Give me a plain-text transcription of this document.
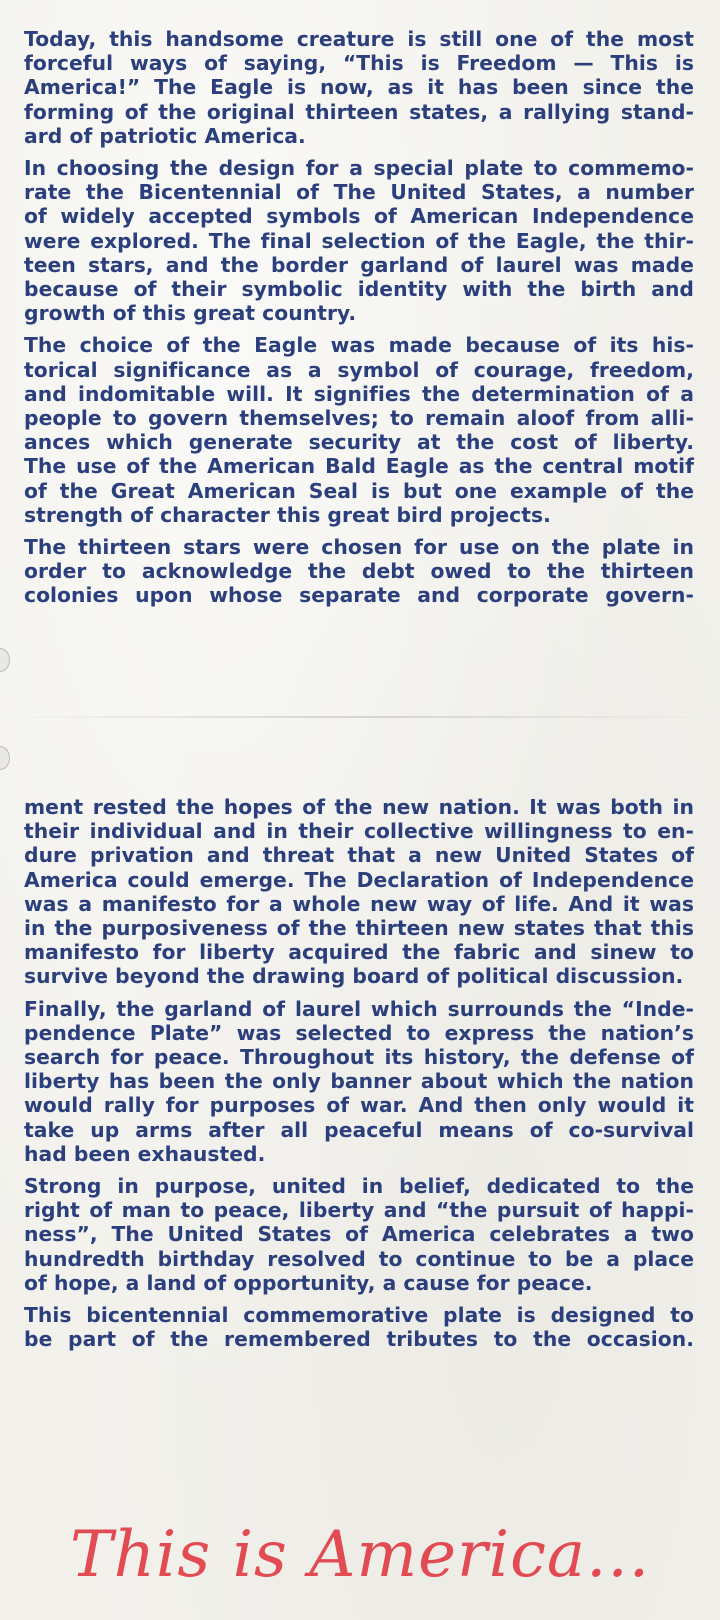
Today, this handsome creature is still one of the most
forceful ways of saying, “This is Freedom — This is
America!” The Eagle is now, as it has been since the
forming of the original thirteen states, a rallying stand-
ard of patriotic America.
In choosing the design for a special plate to commemo-
rate the Bicentennial of The United States, a number
of widely accepted symbols of American Independence
were explored. The final selection of the Eagle, the thir-
teen stars, and the border garland of laurel was made
because of their symbolic identity with the birth and
growth of this great country.
The choice of the Eagle was made because of its his-
torical significance as a symbol of courage, freedom,
and indomitable will. It signifies the determination of a
people to govern themselves; to remain aloof from alli-
ances which generate security at the cost of liberty.
The use of the American Bald Eagle as the central motif
of the Great American Seal is but one example of the
strength of character this great bird projects.
The thirteen stars were chosen for use on the plate in
order to acknowledge the debt owed to the thirteen
colonies upon whose separate and corporate govern-
ment rested the hopes of the new nation. It was both in
their individual and in their collective willingness to en-
dure privation and threat that a new United States of
America could emerge. The Declaration of Independence
was a manifesto for a whole new way of life. And it was
in the purposiveness of the thirteen new states that this
manifesto for liberty acquired the fabric and sinew to
survive beyond the drawing board of political discussion.
Finally, the garland of laurel which surrounds the “Inde-
pendence Plate” was selected to express the nation’s
search for peace. Throughout its history, the defense of
liberty has been the only banner about which the nation
would rally for purposes of war. And then only would it
take up arms after all peaceful means of co-survival
had been exhausted.
Strong in purpose, united in belief, dedicated to the
right of man to peace, liberty and “the pursuit of happi-
ness”, The United States of America celebrates a two
hundredth birthday resolved to continue to be a place
of hope, a land of opportunity, a cause for peace.
This bicentennial commemorative plate is designed to
be part of the remembered tributes to the occasion.
This is America...
